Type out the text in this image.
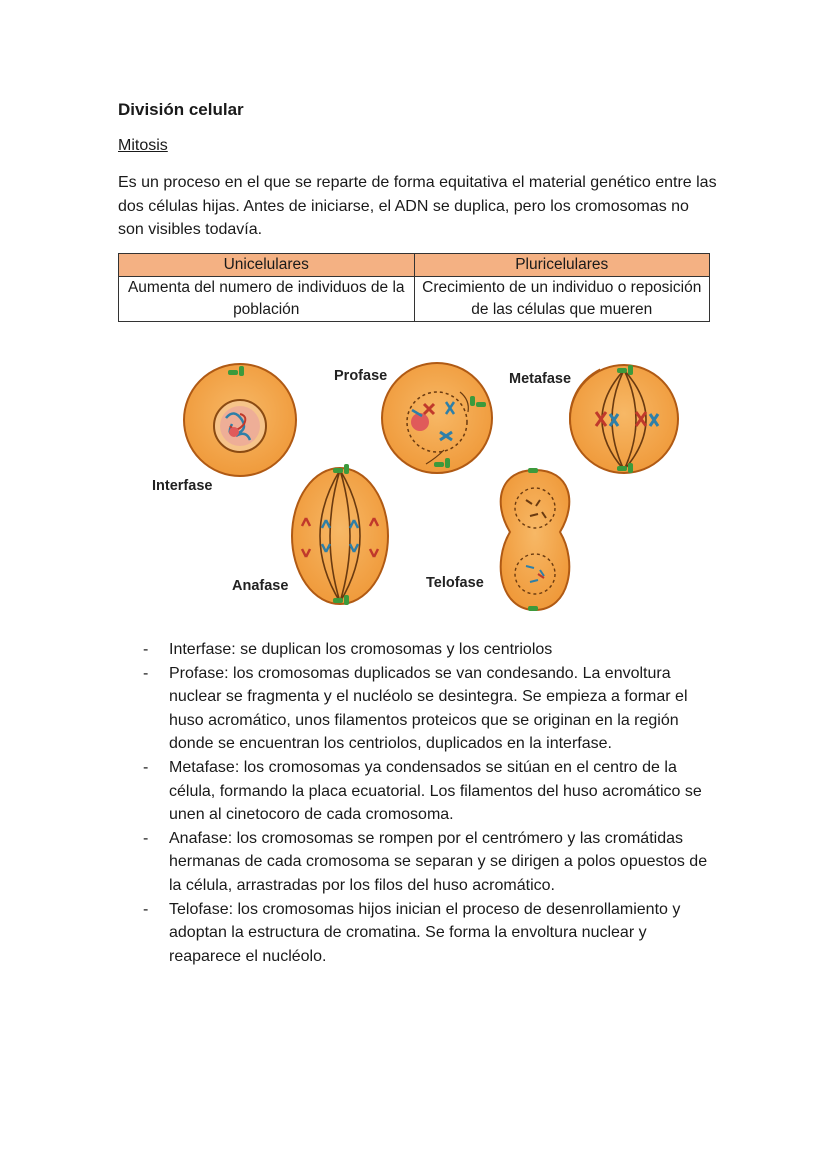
División celular
Mitosis
Es un proceso en el que se reparte de forma equitativa el material genético entre las dos células hijas. Antes de iniciarse, el ADN se duplica, pero los cromosomas no son visibles todavía.
Unicelulares	Pluricelulares
Aumenta del numero de individuos de la población	Crecimiento de un individuo o reposición de las células que mueren
Profase	Metafase
Interfase
Anafase	Telofase
- Interfase: se duplican los cromosomas y los centriolos
- Profase: los cromosomas duplicados se van condesando. La envoltura nuclear se fragmenta y el nucléolo se desintegra. Se empieza a formar el huso acromático, unos filamentos proteicos que se originan en la región donde se encuentran los centriolos, duplicados en la interfase.
- Metafase: los cromosomas ya condensados se sitúan en el centro de la célula, formando la placa ecuatorial. Los filamentos del huso acromático se unen al cinetocoro de cada cromosoma.
- Anafase: los cromosomas se rompen por el centrómero y las cromátidas hermanas de cada cromosoma se separan y se dirigen a polos opuestos de la célula, arrastradas por los filos del huso acromático.
- Telofase: los cromosomas hijos inician el proceso de desenrollamiento y adoptan la estructura de cromatina. Se forma la envoltura nuclear y reaparece el nucléolo.
